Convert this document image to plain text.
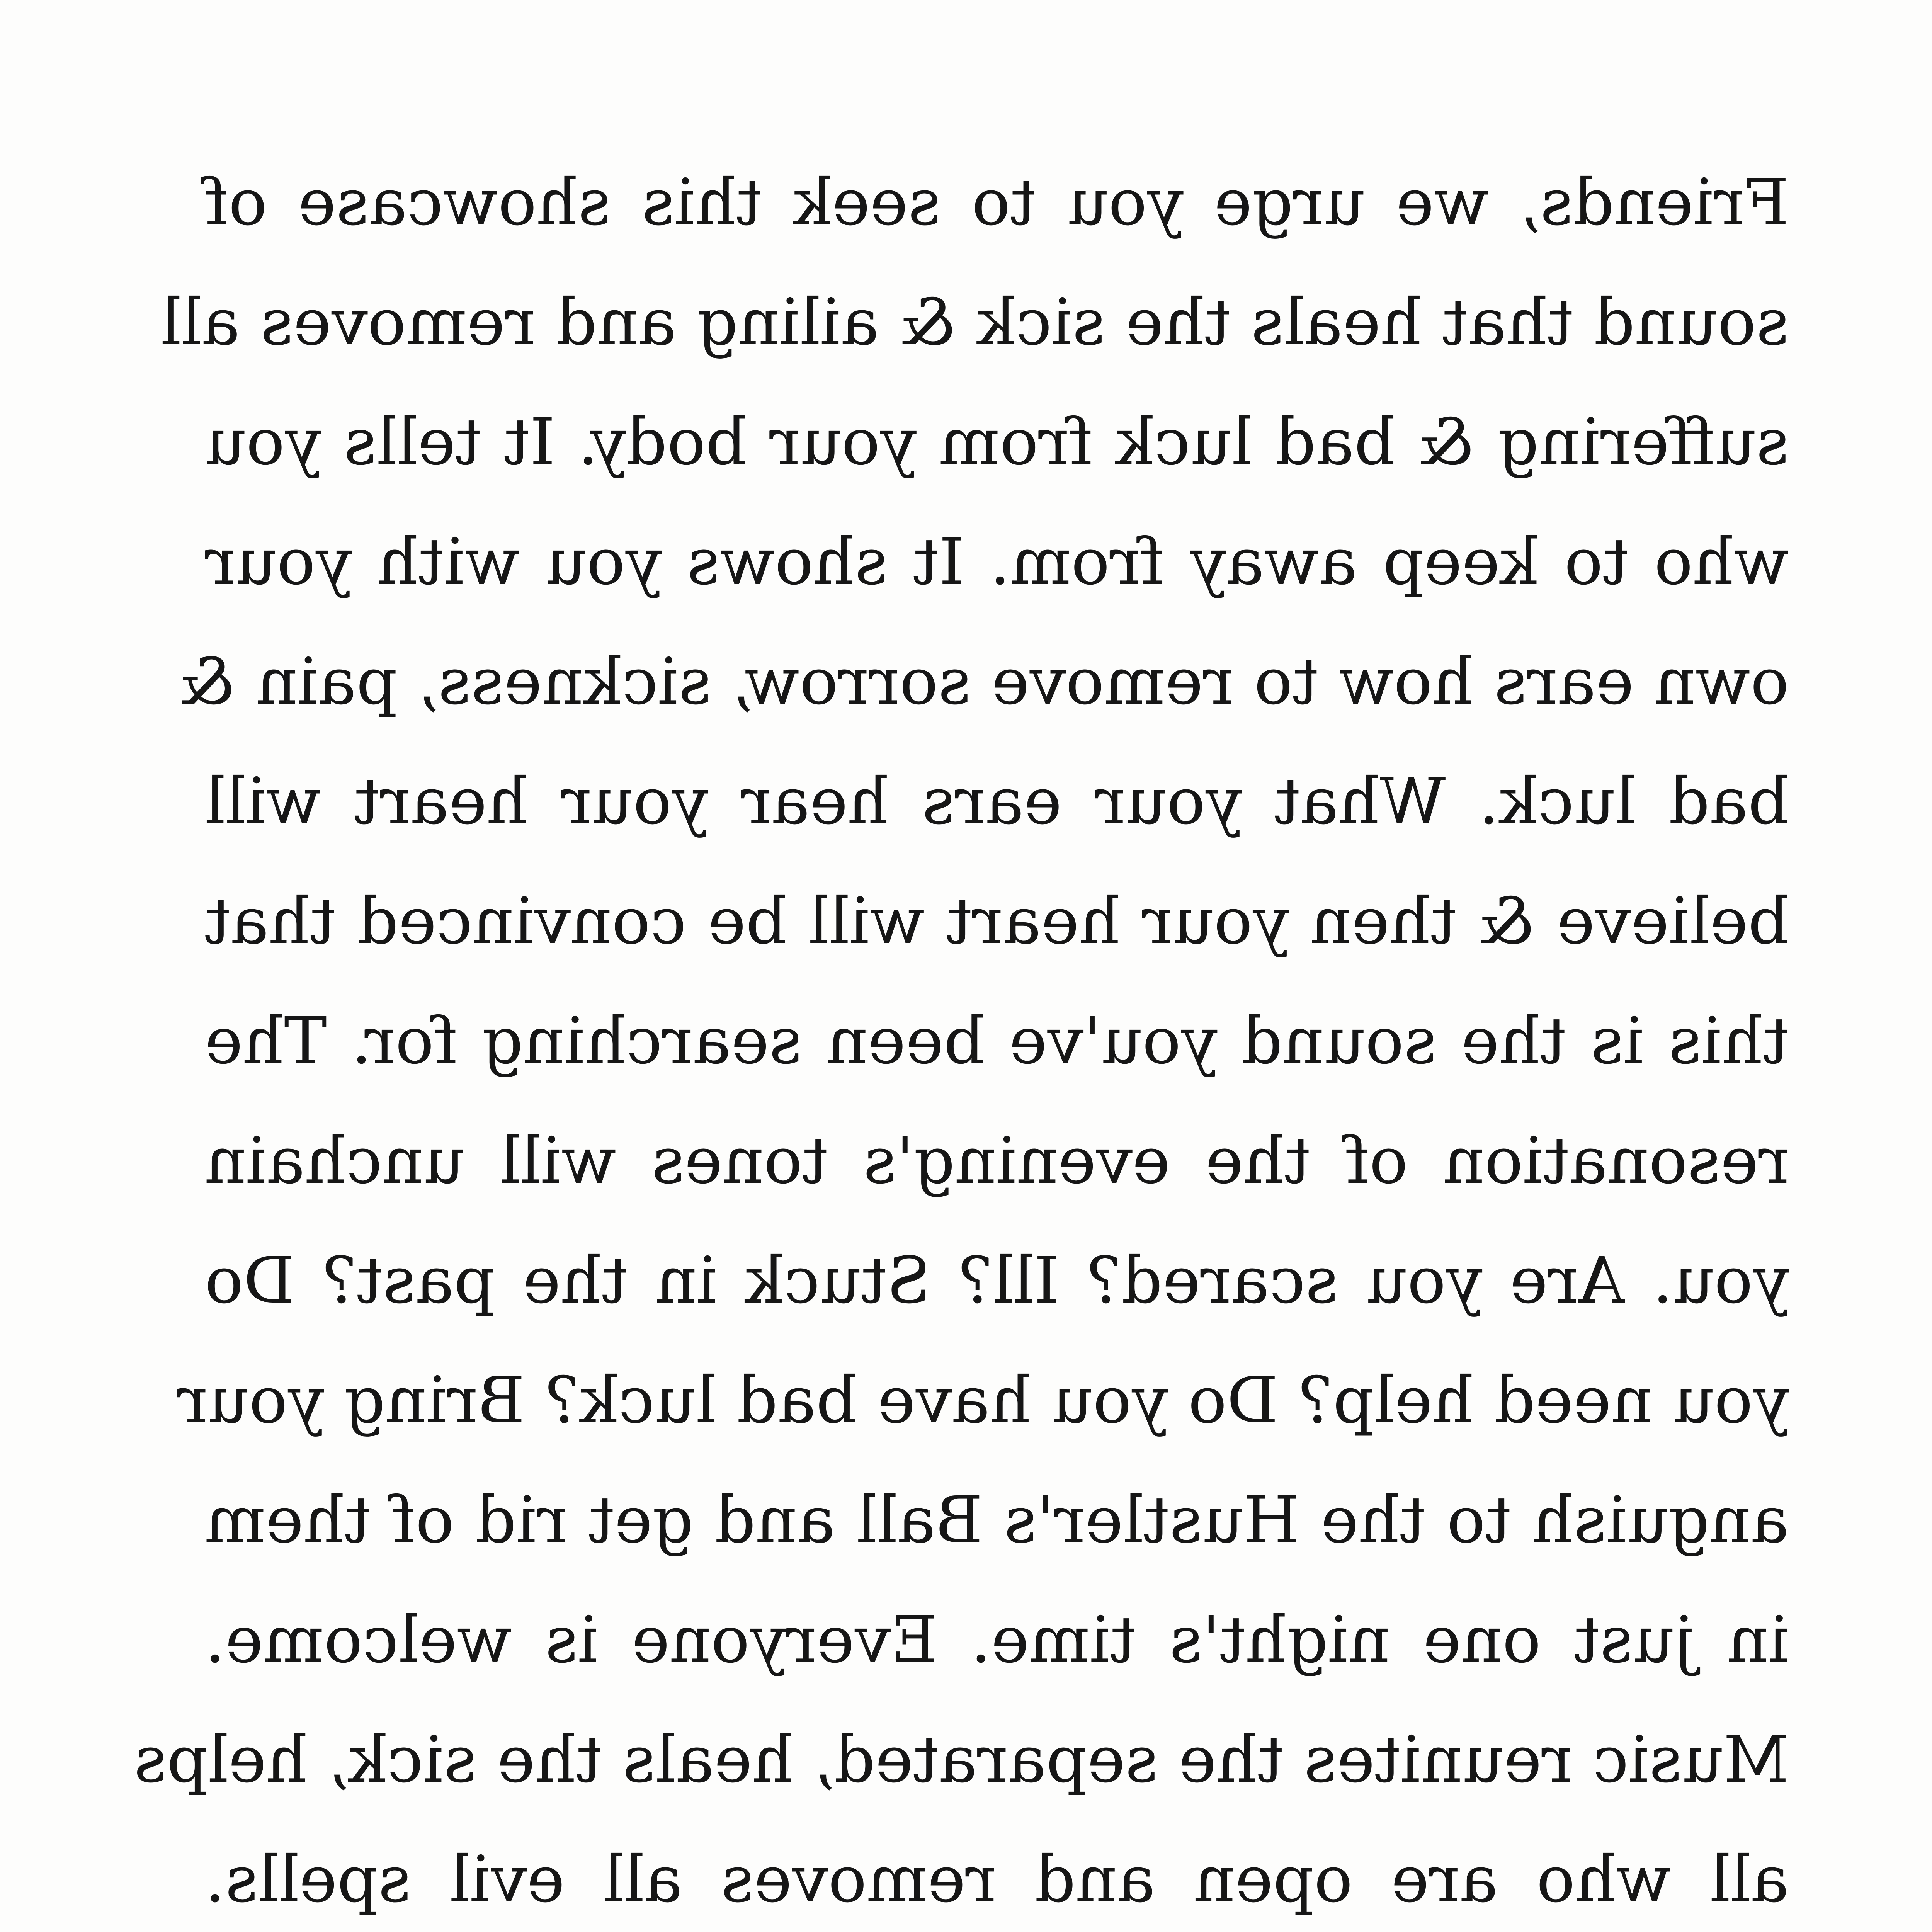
Friends, we urge you to seek this showcase of
sound that heals the sick & ailing and removes all
suffering & bad luck from your body. It tells you
who to keep away from. It shows you with your
own ears how to remove sorrow, sickness, pain &
bad luck. What your ears hear your heart will
believe & then your heart will be convinced that
this is the sound you've been searching for. The
resonation of the evening's tones will unchain
you. Are you scared? Ill? Stuck in the past? Do
you need help? Do you have bad luck? Bring your
anguish to the Hustler's Ball and get rid of them
in just one night's time. Everyone is welcome.
Music reunites the separated, heals the sick, helps
all who are open and removes all evil spells.
